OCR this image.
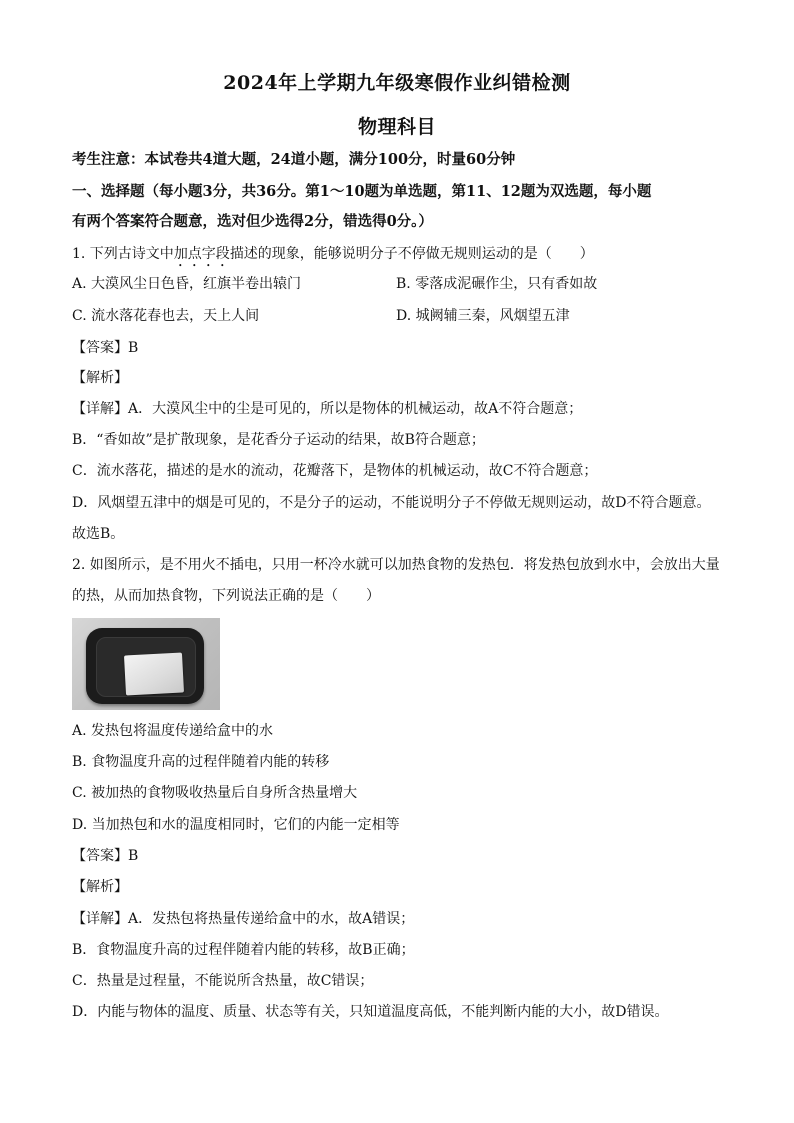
2024年上学期九年级寒假作业纠错检测
物理科目
考生注意：本试卷共4道大题，24道小题，满分100分，时量60分钟
一、选择题（每小题3分，共36分。第1～10题为单选题，第11、12题为双选题，每小题
有两个答案符合题意，选对但少选得2分，错选得0分。）
1. 下列古诗文中加点字段描述的现象，能够说明分子不停做无规则运动的是（　　）
A. 大漠风尘日色昏，红旗半卷出辕门	B. 零落成泥碾作尘，只有香如故
C. 流水落花春也去，天上人间	D. 城阙辅三秦，风烟望五津
【答案】B
【解析】
【详解】A．大漠风尘中的尘是可见的，所以是物体的机械运动，故A不符合题意；
B．“香如故”是扩散现象，是花香分子运动的结果，故B符合题意；
C．流水落花，描述的是水的流动，花瓣落下，是物体的机械运动，故C不符合题意；
D．风烟望五津中的烟是可见的，不是分子的运动，不能说明分子不停做无规则运动，故D不符合题意。
故选B。
2. 如图所示，是不用火不插电，只用一杯冷水就可以加热食物的发热包．将发热包放到水中，会放出大量
的热，从而加热食物，下列说法正确的是（　　）
A. 发热包将温度传递给盒中的水
B. 食物温度升高的过程伴随着内能的转移
C. 被加热的食物吸收热量后自身所含热量增大
D. 当加热包和水的温度相同时，它们的内能一定相等
【答案】B
【解析】
【详解】A．发热包将热量传递给盒中的水，故A错误；
B．食物温度升高的过程伴随着内能的转移，故B正确；
C．热量是过程量，不能说所含热量，故C错误；
D．内能与物体的温度、质量、状态等有关，只知道温度高低，不能判断内能的大小，故D错误。
